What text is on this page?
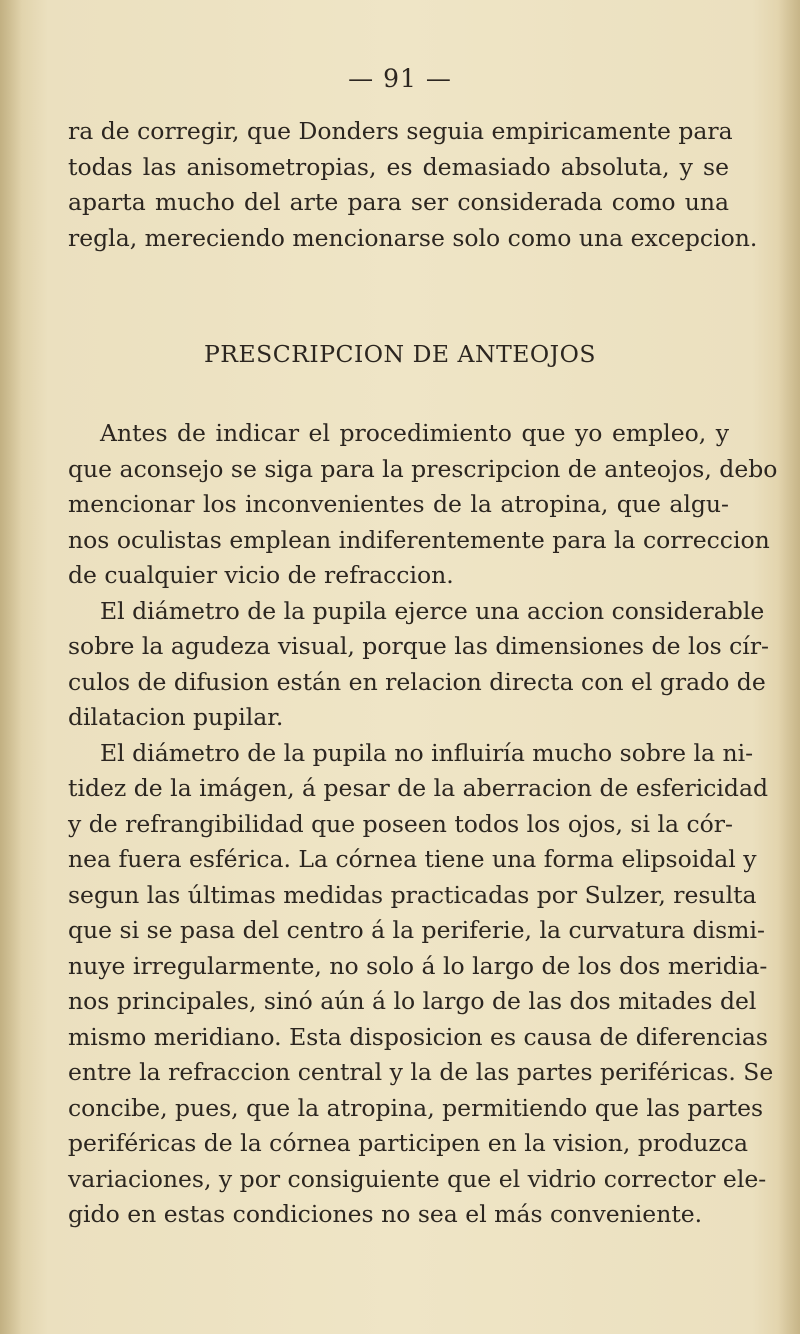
— 91 —
ra de corregir, que Donders seguia empiricamente para
todas las anisometropias, es demasiado absoluta, y se
aparta mucho del arte para ser considerada como una
regla, mereciendo mencionarse solo como una excepcion.
PRESCRIPCION DE ANTEOJOS
Antes de indicar el procedimiento que yo empleo, y
que aconsejo se siga para la prescripcion de anteojos, debo
mencionar los inconvenientes de la atropina, que algu-
nos oculistas emplean indiferentemente para la correccion
de cualquier vicio de refraccion.
El diámetro de la pupila ejerce una accion considerable
sobre la agudeza visual, porque las dimensiones de los cír-
culos de difusion están en relacion directa con el grado de
dilatacion pupilar.
El diámetro de la pupila no influiría mucho sobre la ni-
tidez de la imágen, á pesar de la aberracion de esfericidad
y de refrangibilidad que poseen todos los ojos, si la cór-
nea fuera esférica. La córnea tiene una forma elipsoidal y
segun las últimas medidas practicadas por Sulzer, resulta
que si se pasa del centro á la periferie, la curvatura dismi-
nuye irregularmente, no solo á lo largo de los dos meridia-
nos principales, sinó aún á lo largo de las dos mitades del
mismo meridiano. Esta disposicion es causa de diferencias
entre la refraccion central y la de las partes periféricas. Se
concibe, pues, que la atropina, permitiendo que las partes
periféricas de la córnea participen en la vision, produzca
variaciones, y por consiguiente que el vidrio corrector ele-
gido en estas condiciones no sea el más conveniente.
